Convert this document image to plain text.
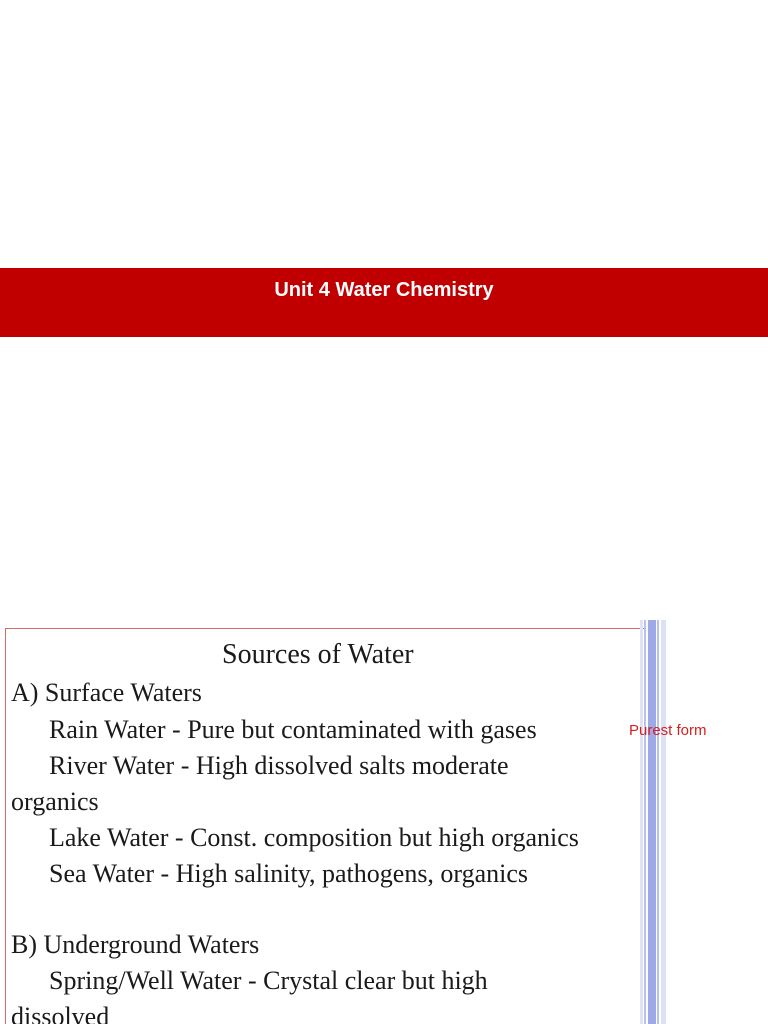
Unit 4 Water Chemistry
Sources of Water
A) Surface Waters
Rain Water - Pure but contaminated with gases
River Water - High dissolved salts moderate
organics
Lake Water - Const. composition but high organics
Sea Water - High salinity, pathogens, organics
B) Underground Waters
Spring/Well Water - Crystal clear but high
dissolved
Purest form
